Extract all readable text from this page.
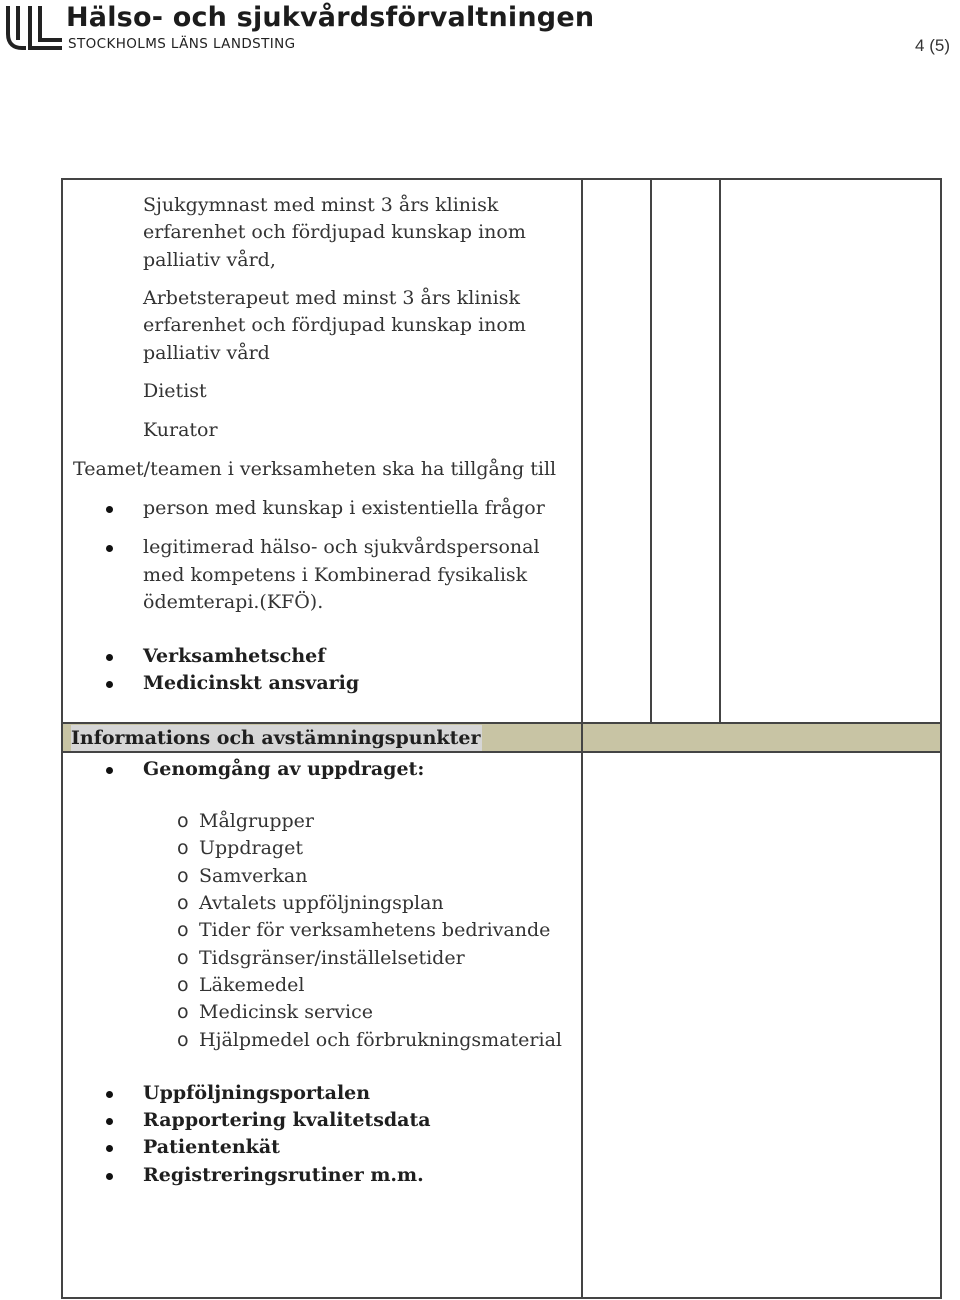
Hälso- och sjukvårdsförvaltningen
STOCKHOLMS LÄNS LANDSTING	4 (5)
Sjukgymnast med minst 3 års klinisk
erfarenhet och fördjupad kunskap inom
palliativ vård,
Arbetsterapeut med minst 3 års klinisk
erfarenhet och fördjupad kunskap inom
palliativ vård
Dietist
Kurator
Teamet/teamen i verksamheten ska ha tillgång till
person med kunskap i existentiella frågor
legitimerad hälso- och sjukvårdspersonal
med kompetens i Kombinerad fysikalisk
ödemterapi.(KFÖ).
Verksamhetschef
Medicinskt ansvarig
Informations och avstämningspunkter
Genomgång av uppdraget:
o Målgrupper
o Uppdraget
o Samverkan
o Avtalets uppföljningsplan
o Tider för verksamhetens bedrivande
o Tidsgränser/inställelsetider
o Läkemedel
o Medicinsk service
o Hjälpmedel och förbrukningsmaterial
Uppföljningsportalen
Rapportering kvalitetsdata
Patientenkät
Registreringsrutiner m.m.
